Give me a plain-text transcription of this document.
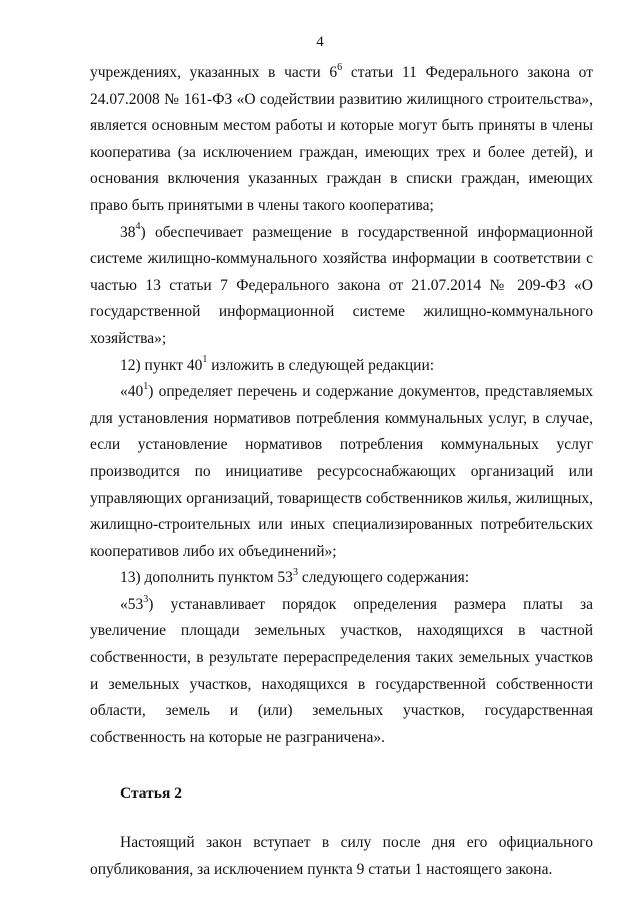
4

учреждениях, указанных в части $6^6$ статьи 11 Федерального закона от 24.07.2008 № 161-ФЗ «О содействии развитию жилищного строительства», является основным местом работы и которые могут быть приняты в члены кооператива (за исключением граждан, имеющих трех и более детей), и основания включения указанных граждан в списки граждан, имеющих право быть принятыми в члены такого кооператива;

$38^4$) обеспечивает размещение в государственной информационной системе жилищно-коммунального хозяйства информации в соответствии с частью 13 статьи 7 Федерального закона от 21.07.2014 № 209-ФЗ «О государственной информационной системе жилищно-коммунального хозяйства»;

12) пункт $40^1$ изложить в следующей редакции:

«$40^1$) определяет перечень и содержание документов, представляемых для установления нормативов потребления коммунальных услуг, в случае, если установление нормативов потребления коммунальных услуг производится по инициативе ресурсоснабжающих организаций или управляющих организаций, товариществ собственников жилья, жилищных, жилищно-строительных или иных специализированных потребительских кооперативов либо их объединений»;

13) дополнить пунктом $53^3$ следующего содержания:

«$53^3$) устанавливает порядок определения размера платы за увеличение площади земельных участков, находящихся в частной собственности, в результате перераспределения таких земельных участков и земельных участков, находящихся в государственной собственности области, земель и (или) земельных участков, государственная собственность на которые не разграничена».

Статья 2

Настоящий закон вступает в силу после дня его официального опубликования, за исключением пункта 9 статьи 1 настоящего закона.
